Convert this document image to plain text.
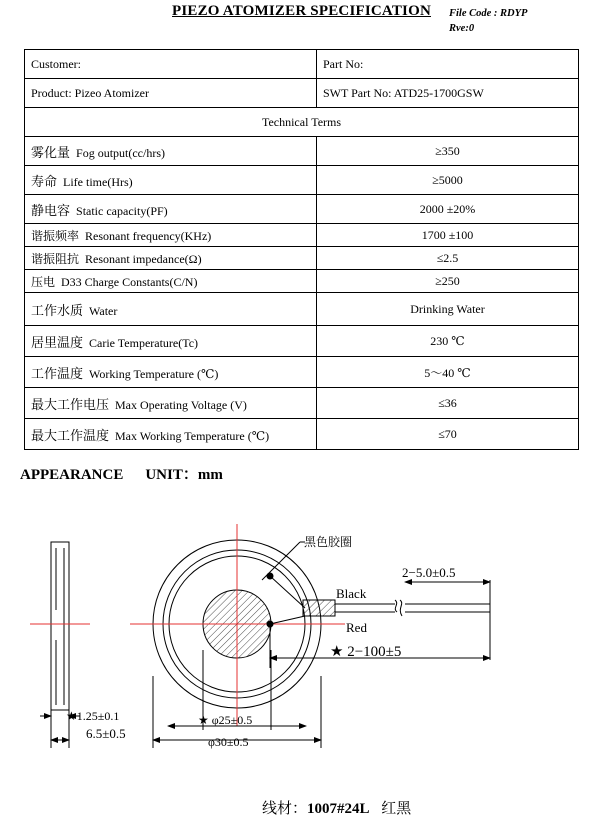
PIEZO ATOMIZER SPECIFICATION File Code : RDYP
Rve:0
Customer:	Part No:
Product: Pizeo Atomizer	SWT Part No: ATD25-1700GSW
Technical Terms	
雾化量 Fog output(cc/hrs)	≥350
寿命 Life time(Hrs)	≥5000
静电容 Static capacity(PF)	2000 ±20%
谐振频率 Resonant frequency(KHz)	1700 ±100
谐振阻抗 Resonant impedance(Ω)	≤2.5
压电 D33 Charge Constants(C/N)	≥250
工作水质 Water	Drinking Water
居里温度 Carie Temperature(Tc)	230 ℃
工作温度 Working Temperature (℃)	5～40 ℃
最大工作电压 Max Operating Voltage (V)	≤36
最大工作温度 Max Working Temperature (℃)	≤70
APPEARANCE UNIT：mm
黑色胶圈
Black
Red
2−5.0±0.5
★ 2−100±5
★1.25±0.1
6.5±0.5
★ φ25±0.5
φ30±0.5
线材：1007#24L 红黑
